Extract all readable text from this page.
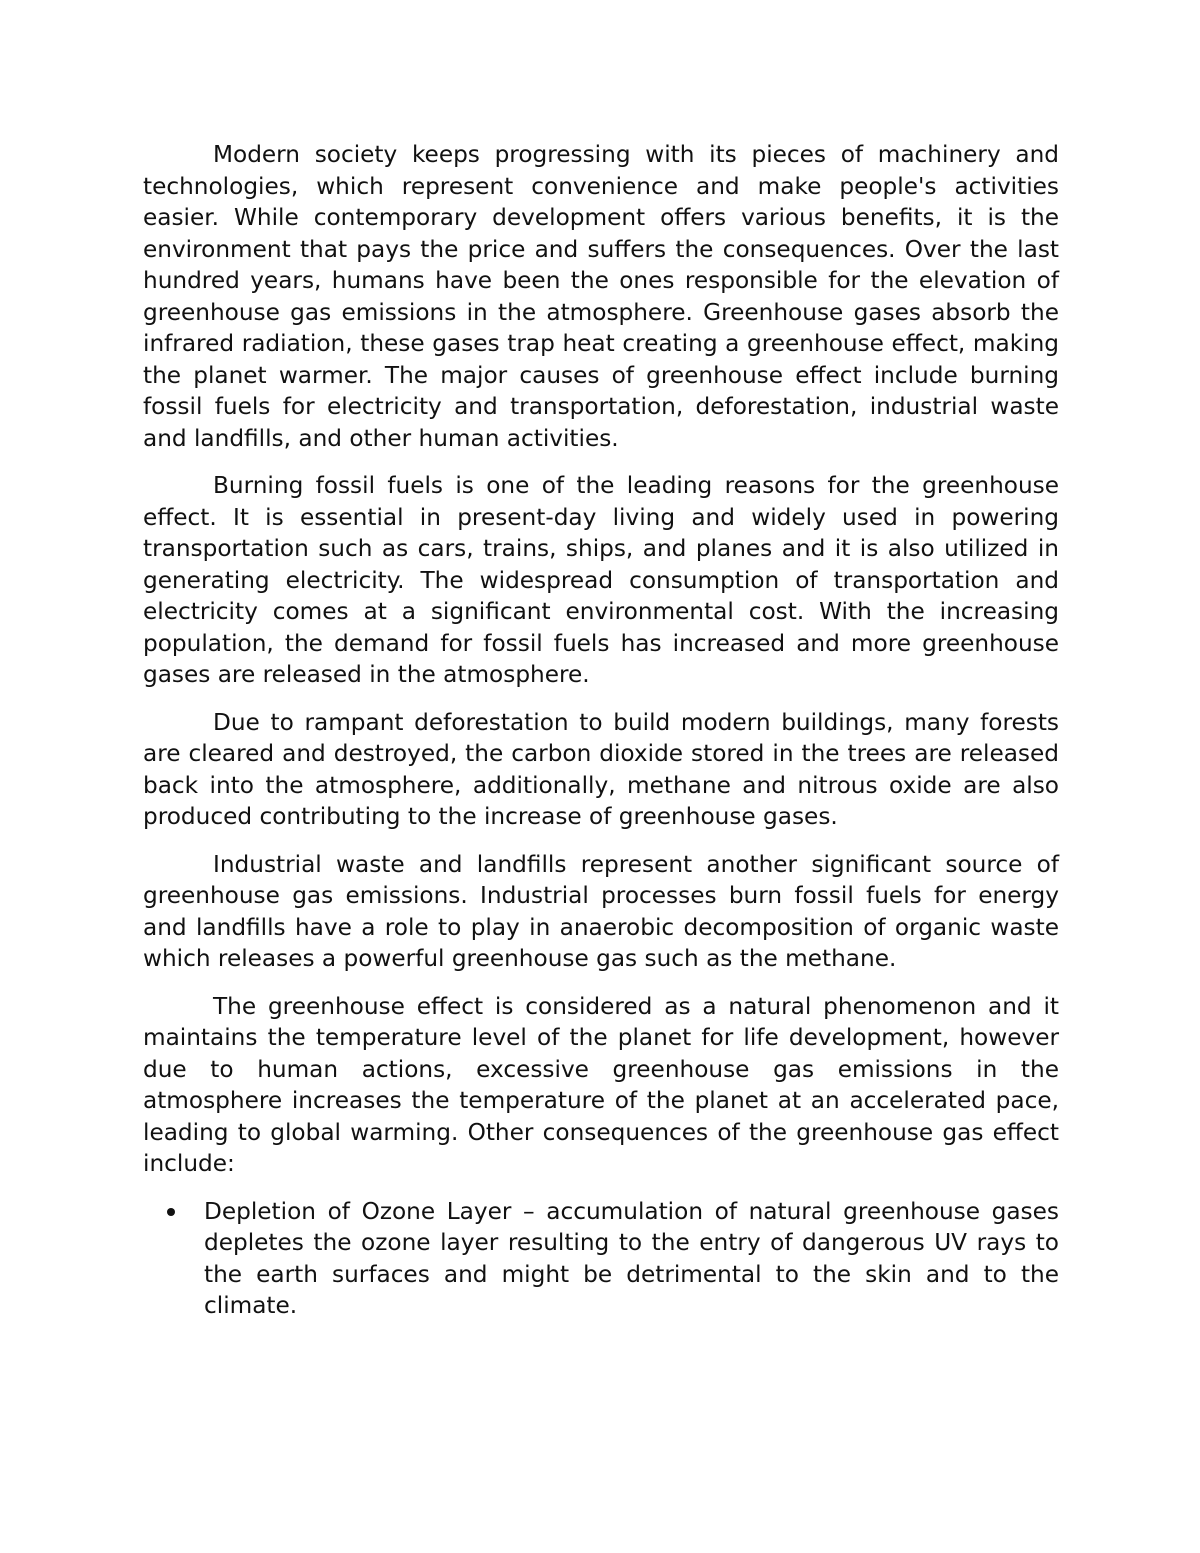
Modern society keeps progressing with its pieces of machinery and technologies, which represent convenience and make people's activities easier. While contemporary development offers various benefits, it is the environment that pays the price and suffers the consequences. Over the last hundred years, humans have been the ones responsible for the elevation of greenhouse gas emissions in the atmosphere. Greenhouse gases absorb the infrared radiation, these gases trap heat creating a greenhouse effect, making the planet warmer. The major causes of greenhouse effect include burning fossil fuels for electricity and transportation, deforestation, industrial waste and landfills, and other human activities.

Burning fossil fuels is one of the leading reasons for the greenhouse effect. It is essential in present-day living and widely used in powering transportation such as cars, trains, ships, and planes and it is also utilized in generating electricity. The widespread consumption of transportation and electricity comes at a significant environmental cost. With the increasing population, the demand for fossil fuels has increased and more greenhouse gases are released in the atmosphere.

Due to rampant deforestation to build modern buildings, many forests are cleared and destroyed, the carbon dioxide stored in the trees are released back into the atmosphere, additionally, methane and nitrous oxide are also produced contributing to the increase of greenhouse gases.

Industrial waste and landfills represent another significant source of greenhouse gas emissions. Industrial processes burn fossil fuels for energy and landfills have a role to play in anaerobic decomposition of organic waste which releases a powerful greenhouse gas such as the methane.

The greenhouse effect is considered as a natural phenomenon and it maintains the temperature level of the planet for life development, however due to human actions, excessive greenhouse gas emissions in the atmosphere increases the temperature of the planet at an accelerated pace, leading to global warming. Other consequences of the greenhouse gas effect include:

Depletion of Ozone Layer – accumulation of natural greenhouse gases depletes the ozone layer resulting to the entry of dangerous UV rays to the earth surfaces and might be detrimental to the skin and to the climate.
